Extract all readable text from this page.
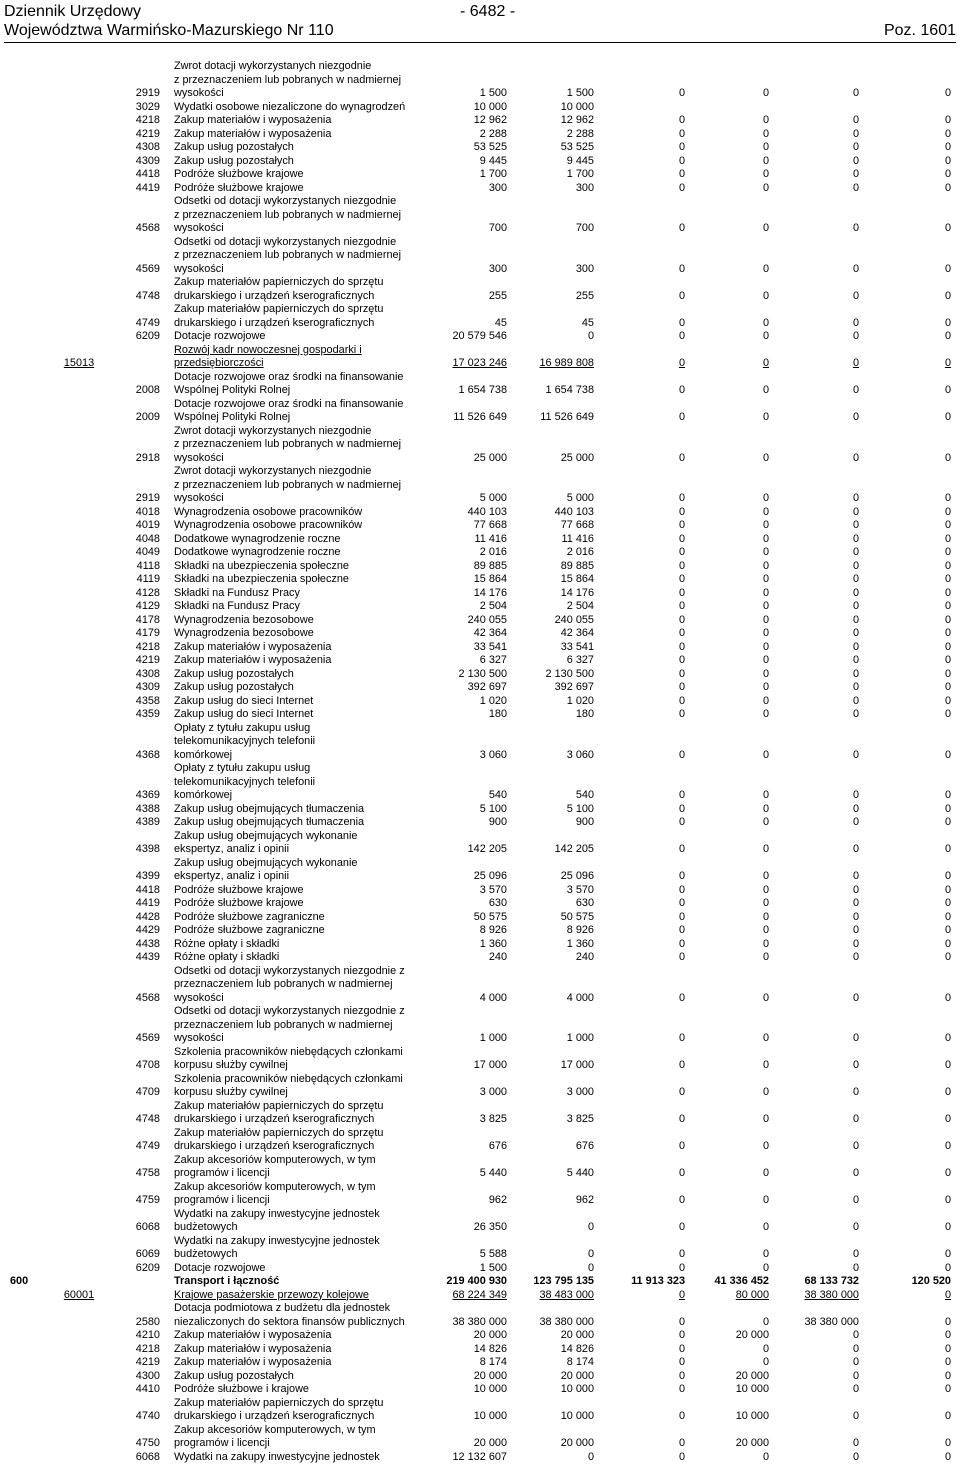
Dziennik Urzędowy	- 6482 -
Województwa Warmińsko-Mazurskiego Nr 110	Poz. 1601
		2919	Zwrot dotacji wykorzystanych niezgodnie
z przeznaczeniem lub pobranych w nadmiernej
wysokości	1 500	1 500	0	0	0	0
		3029	Wydatki osobowe niezaliczone do wynagrodzeń	10 000	10 000				
		4218	Zakup materiałów i wyposażenia	12 962	12 962	0	0	0	0
		4219	Zakup materiałów i wyposażenia	2 288	2 288	0	0	0	0
		4308	Zakup usług pozostałych	53 525	53 525	0	0	0	0
		4309	Zakup usług pozostałych	9 445	9 445	0	0	0	0
		4418	Podróże służbowe krajowe	1 700	1 700	0	0	0	0
		4419	Podróże służbowe krajowe	300	300	0	0	0	0
		4568	Odsetki od dotacji wykorzystanych niezgodnie
z przeznaczeniem lub pobranych w nadmiernej
wysokości	700	700	0	0	0	0
		4569	Odsetki od dotacji wykorzystanych niezgodnie
z przeznaczeniem lub pobranych w nadmiernej
wysokości	300	300	0	0	0	0
		4748	Zakup materiałów papierniczych do sprzętu
drukarskiego i urządzeń kserograficznych	255	255	0	0	0	0
		4749	Zakup materiałów papierniczych do sprzętu
drukarskiego i urządzeń kserograficznych	45	45	0	0	0	0
		6209	Dotacje rozwojowe	20 579 546	0	0	0	0	0
	15013		Rozwój kadr nowoczesnej gospodarki i
przedsiębiorczości	17 023 246	16 989 808	0	0	0	0
		2008	Dotacje rozwojowe oraz środki na finansowanie
Wspólnej Polityki Rolnej	1 654 738	1 654 738	0	0	0	0
		2009	Dotacje rozwojowe oraz środki na finansowanie
Wspólnej Polityki Rolnej	11 526 649	11 526 649	0	0	0	0
		2918	Zwrot dotacji wykorzystanych niezgodnie
z przeznaczeniem lub pobranych w nadmiernej
wysokości	25 000	25 000	0	0	0	0
		2919	Zwrot dotacji wykorzystanych niezgodnie
z przeznaczeniem lub pobranych w nadmiernej
wysokości	5 000	5 000	0	0	0	0
		4018	Wynagrodzenia osobowe pracowników	440 103	440 103	0	0	0	0
		4019	Wynagrodzenia osobowe pracowników	77 668	77 668	0	0	0	0
		4048	Dodatkowe wynagrodzenie roczne	11 416	11 416	0	0	0	0
		4049	Dodatkowe wynagrodzenie roczne	2 016	2 016	0	0	0	0
		4118	Składki na ubezpieczenia społeczne	89 885	89 885	0	0	0	0
		4119	Składki na ubezpieczenia społeczne	15 864	15 864	0	0	0	0
		4128	Składki na Fundusz Pracy	14 176	14 176	0	0	0	0
		4129	Składki na Fundusz Pracy	2 504	2 504	0	0	0	0
		4178	Wynagrodzenia bezosobowe	240 055	240 055	0	0	0	0
		4179	Wynagrodzenia bezosobowe	42 364	42 364	0	0	0	0
		4218	Zakup materiałów i wyposażenia	33 541	33 541	0	0	0	0
		4219	Zakup materiałów i wyposażenia	6 327	6 327	0	0	0	0
		4308	Zakup usług pozostałych	2 130 500	2 130 500	0	0	0	0
		4309	Zakup usług pozostałych	392 697	392 697	0	0	0	0
		4358	Zakup usług do sieci Internet	1 020	1 020	0	0	0	0
		4359	Zakup usług do sieci Internet	180	180	0	0	0	0
		4368	Opłaty z tytułu zakupu usług
telekomunikacyjnych telefonii
komórkowej	3 060	3 060	0	0	0	0
		4369	Opłaty z tytułu zakupu usług
telekomunikacyjnych telefonii
komórkowej	540	540	0	0	0	0
		4388	Zakup usług obejmujących tłumaczenia	5 100	5 100	0	0	0	0
		4389	Zakup usług obejmujących tłumaczenia	900	900	0	0	0	0
		4398	Zakup usług obejmujących wykonanie
ekspertyz, analiz i opinii	142 205	142 205	0	0	0	0
		4399	Zakup usług obejmujących wykonanie
ekspertyz, analiz i opinii	25 096	25 096	0	0	0	0
		4418	Podróże służbowe krajowe	3 570	3 570	0	0	0	0
		4419	Podróże służbowe krajowe	630	630	0	0	0	0
		4428	Podróże służbowe zagraniczne	50 575	50 575	0	0	0	0
		4429	Podróże służbowe zagraniczne	8 926	8 926	0	0	0	0
		4438	Różne opłaty i składki	1 360	1 360	0	0	0	0
		4439	Różne opłaty i składki	240	240	0	0	0	0
		4568	Odsetki od dotacji wykorzystanych niezgodnie z
przeznaczeniem lub pobranych w nadmiernej
wysokości	4 000	4 000	0	0	0	0
		4569	Odsetki od dotacji wykorzystanych niezgodnie z
przeznaczeniem lub pobranych w nadmiernej
wysokości	1 000	1 000	0	0	0	0
		4708	Szkolenia pracowników niebędących członkami
korpusu służby cywilnej	17 000	17 000	0	0	0	0
		4709	Szkolenia pracowników niebędących członkami
korpusu służby cywilnej	3 000	3 000	0	0	0	0
		4748	Zakup materiałów papierniczych do sprzętu
drukarskiego i urządzeń kserograficznych	3 825	3 825	0	0	0	0
		4749	Zakup materiałów papierniczych do sprzętu
drukarskiego i urządzeń kserograficznych	676	676	0	0	0	0
		4758	Zakup akcesoriów komputerowych, w tym
programów i licencji	5 440	5 440	0	0	0	0
		4759	Zakup akcesoriów komputerowych, w tym
programów i licencji	962	962	0	0	0	0
		6068	Wydatki na zakupy inwestycyjne jednostek
budżetowych	26 350	0	0	0	0	0
		6069	Wydatki na zakupy inwestycyjne jednostek
budżetowych	5 588	0	0	0	0	0
		6209	Dotacje rozwojowe	1 500	0	0	0	0	0
600			Transport i łączność	219 400 930	123 795 135	11 913 323	41 336 452	68 133 732	120 520
	60001		Krajowe pasażerskie przewozy kolejowe	68 224 349	38 483 000	0	80 000	38 380 000	0
		2580	Dotacja podmiotowa z budżetu dla jednostek
niezaliczonych do sektora finansów publicznych	38 380 000	38 380 000	0	0	38 380 000	0
		4210	Zakup materiałów i wyposażenia	20 000	20 000	0	20 000	0	0
		4218	Zakup materiałów i wyposażenia	14 826	14 826	0	0	0	0
		4219	Zakup materiałów i wyposażenia	8 174	8 174	0	0	0	0
		4300	Zakup usług pozostałych	20 000	20 000	0	20 000	0	0
		4410	Podróże służbowe i krajowe	10 000	10 000	0	10 000	0	0
		4740	Zakup materiałów papierniczych do sprzętu
drukarskiego i urządzeń kserograficznych	10 000	10 000	0	10 000	0	0
		4750	Zakup akcesoriów komputerowych, w tym
programów i licencji	20 000	20 000	0	20 000	0	0
		6068	Wydatki na zakupy inwestycyjne jednostek	12 132 607	0	0	0	0	0
